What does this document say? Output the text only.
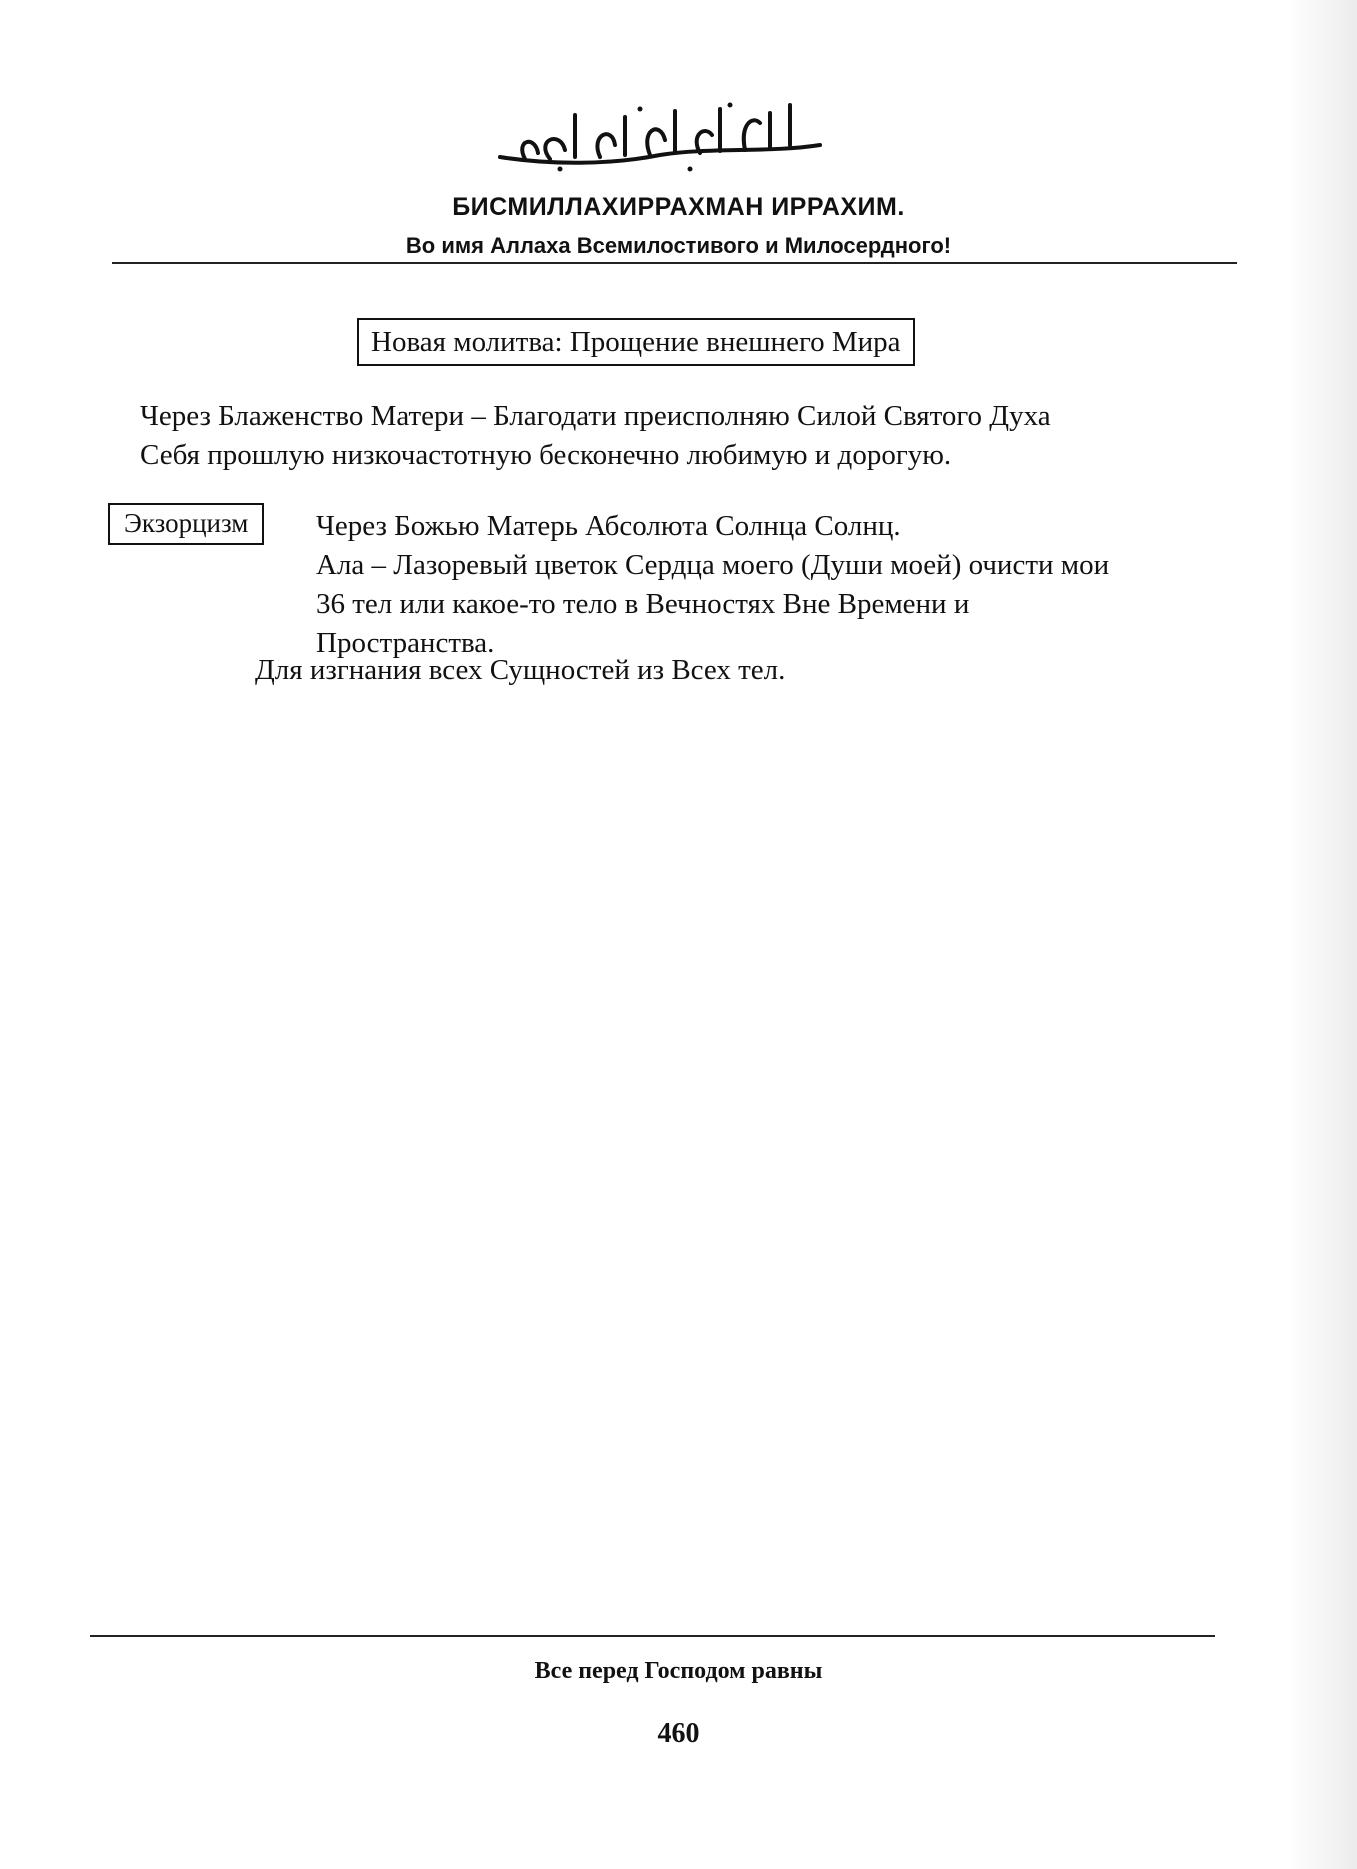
БИСМИЛЛАХИРРАХМАН ИРРАХИМ.
Во имя Аллаха Всемилостивого и Милосердного!
Новая молитва: Прощение внешнего Мира
Через Блаженство Матери – Благодати преисполняю Силой Святого Духа
Себя прошлую низкочастотную бесконечно любимую и дорогую.
Экзорцизм	Через Божью Матерь Абсолюта Солнца Солнц.
Ала – Лазоревый цветок Сердца моего (Души моей) очисти мои
36 тел или какое-то тело в Вечностях Вне Времени и
Пространства.
Для изгнания всех Сущностей из Всех тел.
Все перед Господом равны
460
